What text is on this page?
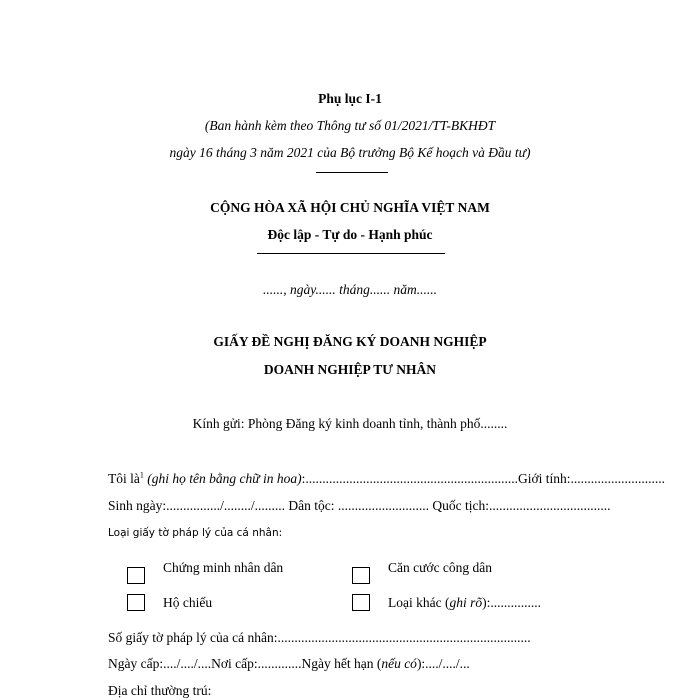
Phụ lục I-1
(Ban hành kèm theo Thông tư số 01/2021/TT-BKHĐT
ngày 16 tháng 3 năm 2021 của Bộ trưởng Bộ Kế hoạch và Đầu tư)
CỘNG HÒA XÃ HỘI CHỦ NGHĨA VIỆT NAM
Độc lập - Tự do - Hạnh phúc
......, ngày...... tháng...... năm......
GIẤY ĐỀ NGHỊ ĐĂNG KÝ DOANH NGHIỆP
DOANH NGHIỆP TƯ NHÂN
Kính gửi: Phòng Đăng ký kinh doanh tỉnh, thành phố........
Tôi $là^1$ (ghi họ tên bằng chữ in hoa):...............................................................Giới tính:............................
Sinh ngày:................/......../......... Dân tộc: ........................... Quốc tịch:....................................
Loại giấy tờ pháp lý của cá nhân:
Chứng minh nhân dân	Căn cước công dân
Hộ chiếu	Loại khác (ghi rõ):...............
Số giấy tờ pháp lý của cá nhân:...........................................................................
Ngày cấp:..../..../....Nơi cấp:.............Ngày hết hạn (nếu có):..../..../...
Địa chỉ thường trú:
